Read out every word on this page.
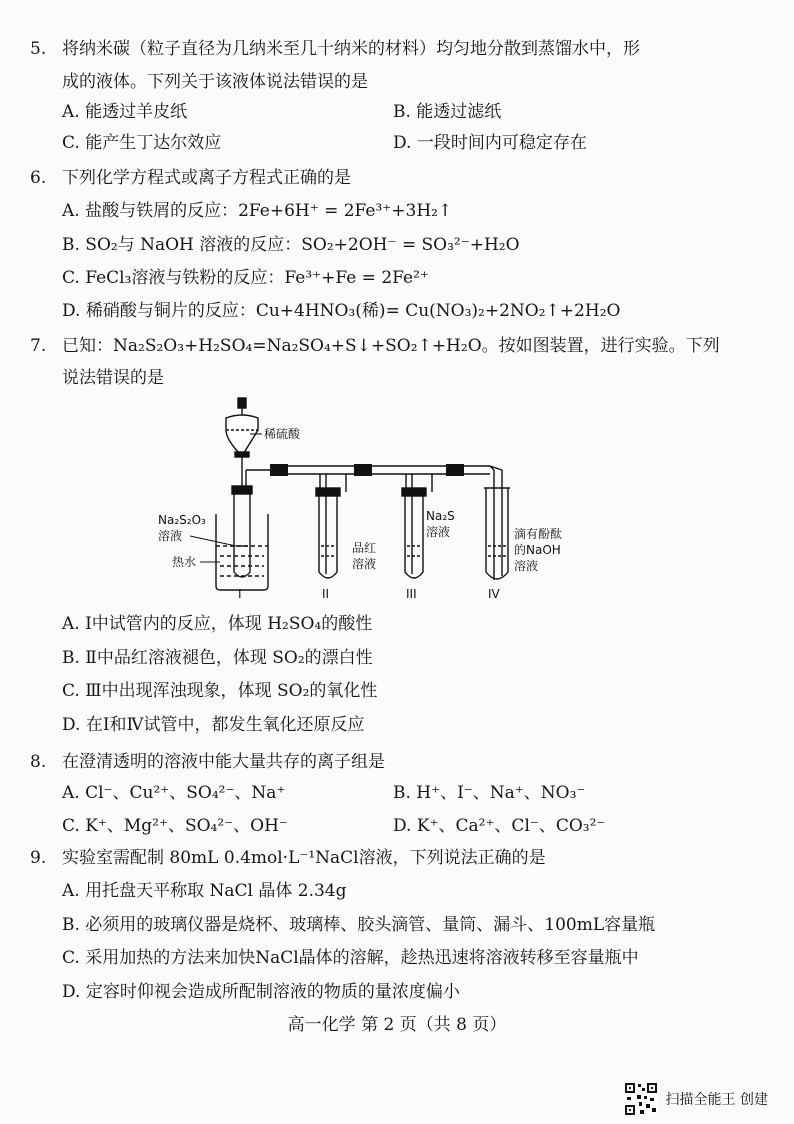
5. 将纳米碳（粒子直径为几纳米至几十纳米的材料）均匀地分散到蒸馏水中，形
成的液体。下列关于该液体说法错误的是
A. 能透过羊皮纸	B. 能透过滤纸
C. 能产生丁达尔效应	D. 一段时间内可稳定存在
6. 下列化学方程式或离子方程式正确的是
A. 盐酸与铁屑的反应：2Fe+6H⁺ = 2Fe³⁺+3H₂↑
B. SO₂与 NaOH 溶液的反应：SO₂+2OH⁻ = SO₃²⁻+H₂O
C. FeCl₃溶液与铁粉的反应：Fe³⁺+Fe = 2Fe²⁺
D. 稀硝酸与铜片的反应：Cu+4HNO₃(稀)= Cu(NO₃)₂+2NO₂↑+2H₂O
7. 已知：Na₂S₂O₃+H₂SO₄=Na₂SO₄+S↓+SO₂↑+H₂O。按如图装置，进行实验。下列
说法错误的是
稀硫酸
Na₂S₂O₃
溶液
热水
品红
溶液
Na₂S
溶液	滴有酚酞
的NaOH
溶液
I	II	III	IV
A. Ⅰ中试管内的反应，体现 H₂SO₄的酸性
B. Ⅱ中品红溶液褪色，体现 SO₂的漂白性
C. Ⅲ中出现浑浊现象，体现 SO₂的氧化性
D. 在Ⅰ和Ⅳ试管中，都发生氧化还原反应
8. 在澄清透明的溶液中能大量共存的离子组是
A. Cl⁻、Cu²⁺、SO₄²⁻、Na⁺	B. H⁺、I⁻、Na⁺、NO₃⁻
C. K⁺、Mg²⁺、SO₄²⁻、OH⁻	D. K⁺、Ca²⁺、Cl⁻、CO₃²⁻
9. 实验室需配制 80mL 0.4mol·L⁻¹NaCl溶液，下列说法正确的是
A. 用托盘天平称取 NaCl 晶体 2.34g
B. 必须用的玻璃仪器是烧杯、玻璃棒、胶头滴管、量筒、漏斗、100mL容量瓶
C. 采用加热的方法来加快NaCl晶体的溶解，趁热迅速将溶液转移至容量瓶中
D. 定容时仰视会造成所配制溶液的物质的量浓度偏小
高一化学 第 2 页（共 8 页）
扫描全能王 创建
